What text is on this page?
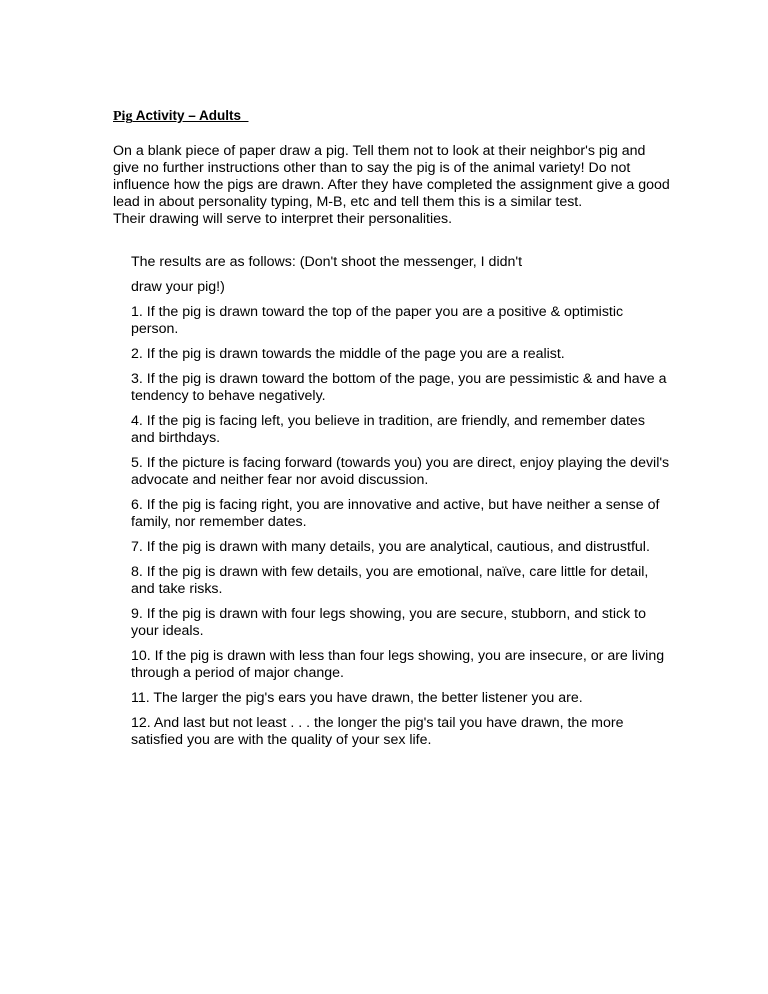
Pig Activity – Adults

On a blank piece of paper draw a pig. Tell them not to look at their neighbor's pig and give no further instructions other than to say the pig is of the animal variety! Do not influence how the pigs are drawn. After they have completed the assignment give a good lead in about personality typing, M-B, etc and tell them this is a similar test.

Their drawing will serve to interpret their personalities.

The results are as follows: (Don't shoot the messenger, I didn't

draw your pig!)

1. If the pig is drawn toward the top of the paper you are a positive & optimistic person.

2. If the pig is drawn towards the middle of the page you are a realist.

3. If the pig is drawn toward the bottom of the page, you are pessimistic & and have a tendency to behave negatively.

4. If the pig is facing left, you believe in tradition, are friendly, and remember dates and birthdays.

5. If the picture is facing forward (towards you) you are direct, enjoy playing the devil's advocate and neither fear nor avoid discussion.

6. If the pig is facing right, you are innovative and active, but have neither a sense of family, nor remember dates.

7. If the pig is drawn with many details, you are analytical, cautious, and distrustful.

8. If the pig is drawn with few details, you are emotional, naïve, care little for detail, and take risks.

9. If the pig is drawn with four legs showing, you are secure, stubborn, and stick to your ideals.

10. If the pig is drawn with less than four legs showing, you are insecure, or are living through a period of major change.

11. The larger the pig's ears you have drawn, the better listener you are.

12. And last but not least . . . the longer the pig's tail you have drawn, the more satisfied you are with the quality of your sex life.
